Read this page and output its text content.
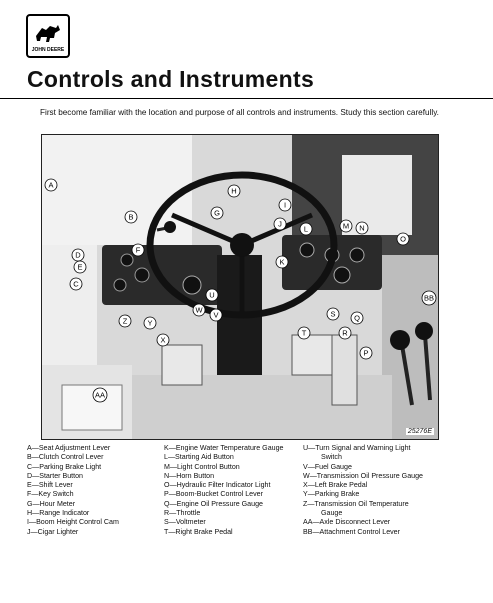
JOHN DEERE
Controls and Instruments
First become familiar with the location and purpose of all controls and instruments. Study this section carefully.
A
B
C
D
E
F
G
H
I
J
K
L	M N
O
P
Q
R
S
T
U
V
W
X
Y
Z
AA
BB
25276E
A—Seat Adjustment Lever
B—Clutch Control Lever
C—Parking Brake Light
D—Starter Button
E—Shift Lever
F—Key Switch
G—Hour Meter
H—Range Indicator
I—Boom Height Control Cam
J—Cigar Lighter
K—Engine Water Temperature Gauge
L—Starting Aid Button
M—Light Control Button
N—Horn Button
O—Hydraulic Filter Indicator Light
P—Boom-Bucket Control Lever
Q—Engine Oil Pressure Gauge
R—Throttle
S—Voltmeter
T—Right Brake Pedal
U—Turn Signal and Warning Light
Switch
V—Fuel Gauge
W—Transmission Oil Pressure Gauge
X—Left Brake Pedal
Y—Parking Brake
Z—Transmission Oil Temperature
Gauge
AA—Axle Disconnect Lever
BB—Attachment Control Lever
